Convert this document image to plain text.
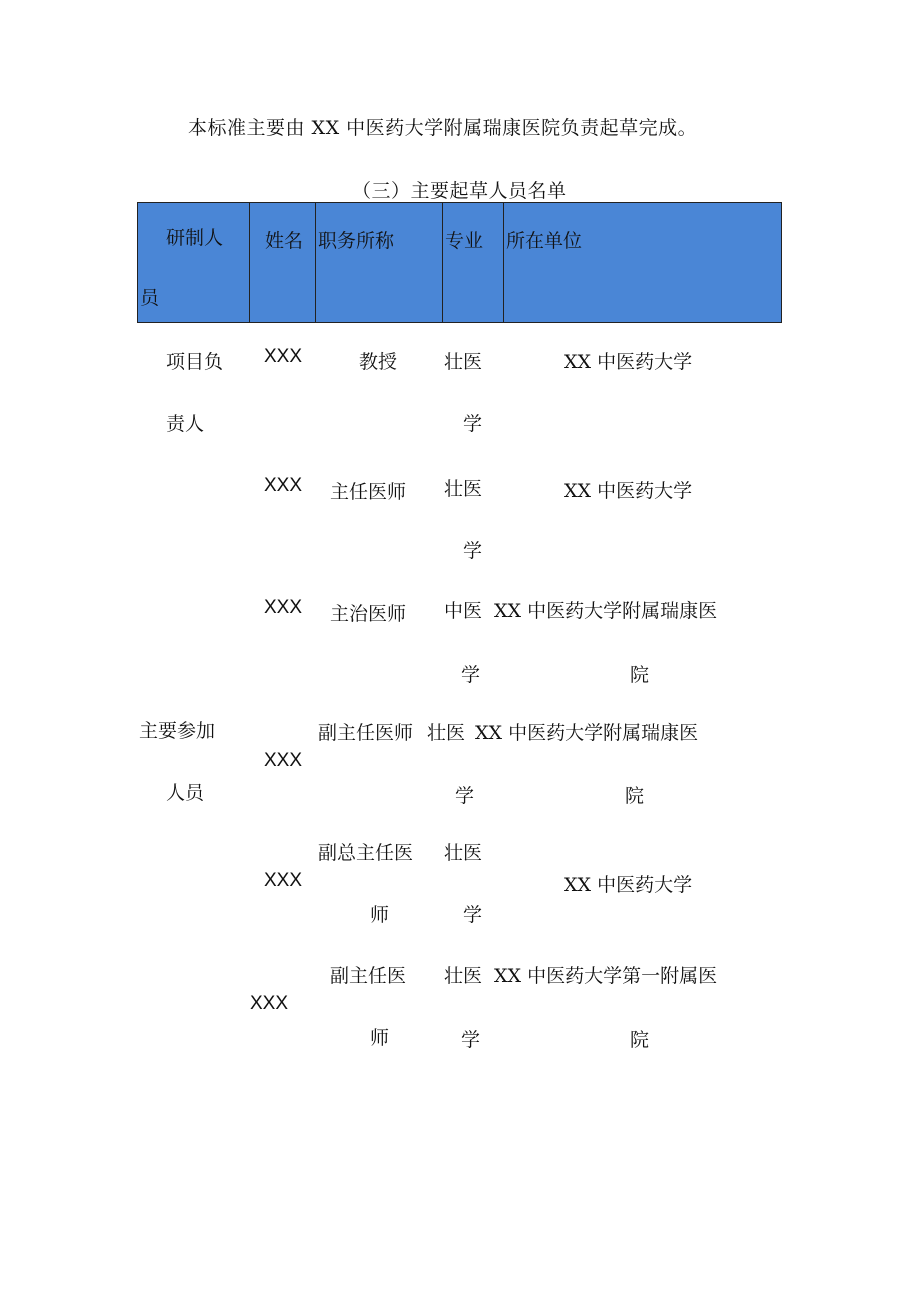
本标准主要由 XX 中医药大学附属瑞康医院负责起草完成。
（三）主要起草人员名单
研制人
员
姓名 职务所称	专业 所在单位
项目负
责人
主要参加
人员
XXX	教授 壮医
学
XX 中医药大学
XXX 主任医师 壮医
学
XX 中医药大学
XXX 主治医师 中医
学
XX 中医药大学附属瑞康医
院
XXX
副主任医师 壮医
学
XX 中医药大学附属瑞康医
院
XXX
副总主任医
师
壮医
学
XX 中医药大学
XXX
副主任医
师
壮医
学
XX 中医药大学第一附属医
院
